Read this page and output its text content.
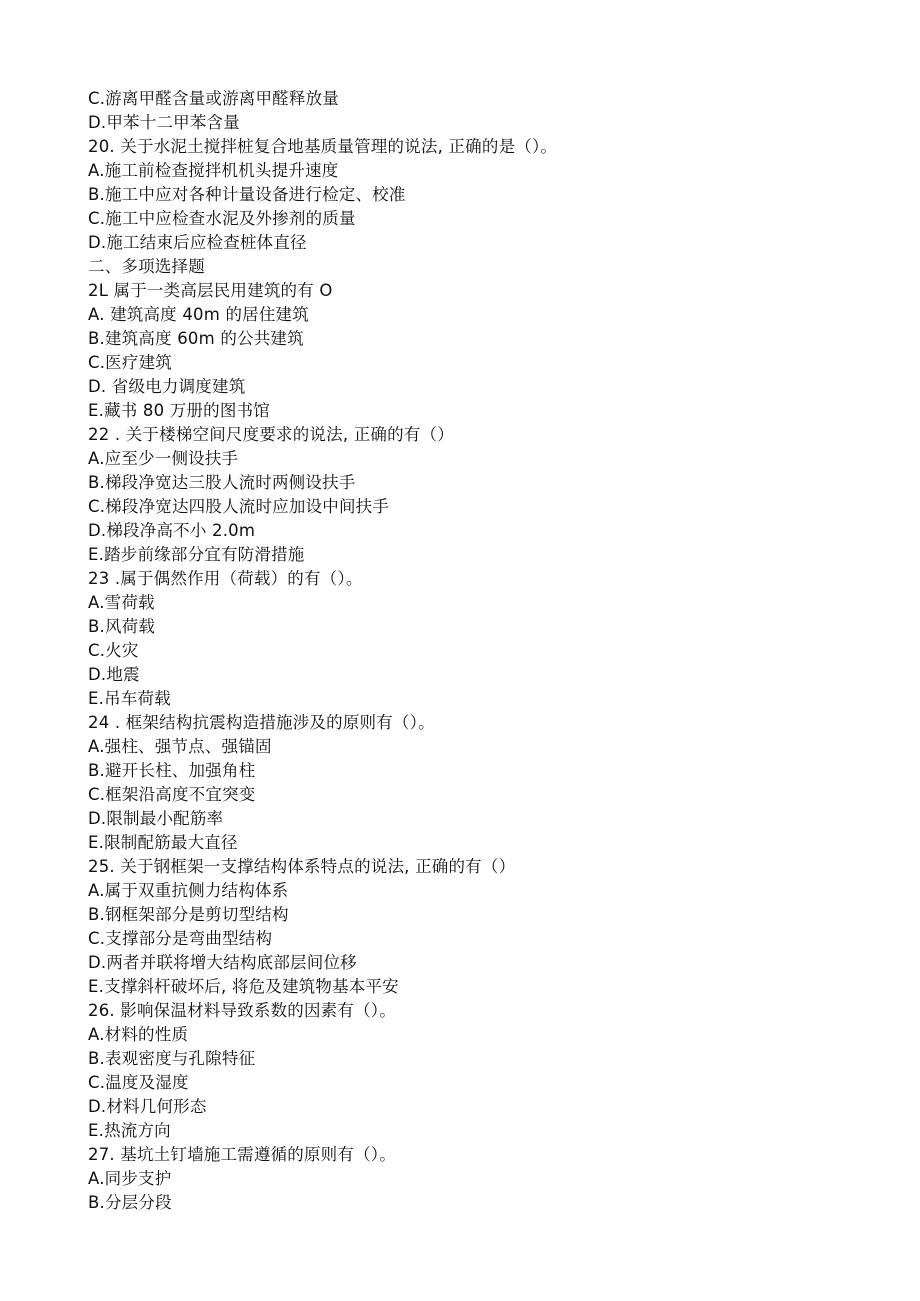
C.游离甲醛含量或游离甲醛释放量
D.甲苯十二甲苯含量
20. 关于水泥土搅拌桩复合地基质量管理的说法, 正确的是（）。
A.施工前检查搅拌机机头提升速度
B.施工中应对各种计量设备进行检定、校准
C.施工中应检查水泥及外掺剂的质量
D.施工结束后应检查桩体直径
二、多项选择题
2L 属于一类高层民用建筑的有 O
A. 建筑高度 40m 的居住建筑
B.建筑高度 60m 的公共建筑
C.医疗建筑
D. 省级电力调度建筑
E.藏书 80 万册的图书馆
22 . 关于楼梯空间尺度要求的说法, 正确的有（）
A.应至少一侧设扶手
B.梯段净宽达三股人流时两侧设扶手
C.梯段净宽达四股人流时应加设中间扶手
D.梯段净高不小 2.0m
E.踏步前缘部分宜有防滑措施
23 .属于偶然作用（荷载）的有（）。
A.雪荷载
B.风荷载
C.火灾
D.地震
E.吊车荷载
24 . 框架结构抗震构造措施涉及的原则有（）。
A.强柱、强节点、强锚固
B.避开长柱、加强角柱
C.框架沿高度不宜突变
D.限制最小配筋率
E.限制配筋最大直径
25. 关于钢框架一支撑结构体系特点的说法, 正确的有（）
A.属于双重抗侧力结构体系
B.钢框架部分是剪切型结构
C.支撑部分是弯曲型结构
D.两者并联将增大结构底部层间位移
E.支撑斜杆破坏后, 将危及建筑物基本平安
26. 影响保温材料导致系数的因素有（）。
A.材料的性质
B.表观密度与孔隙特征
C.温度及湿度
D.材料几何形态
E.热流方向
27. 基坑土钉墙施工需遵循的原则有（）。
A.同步支护
B.分层分段
